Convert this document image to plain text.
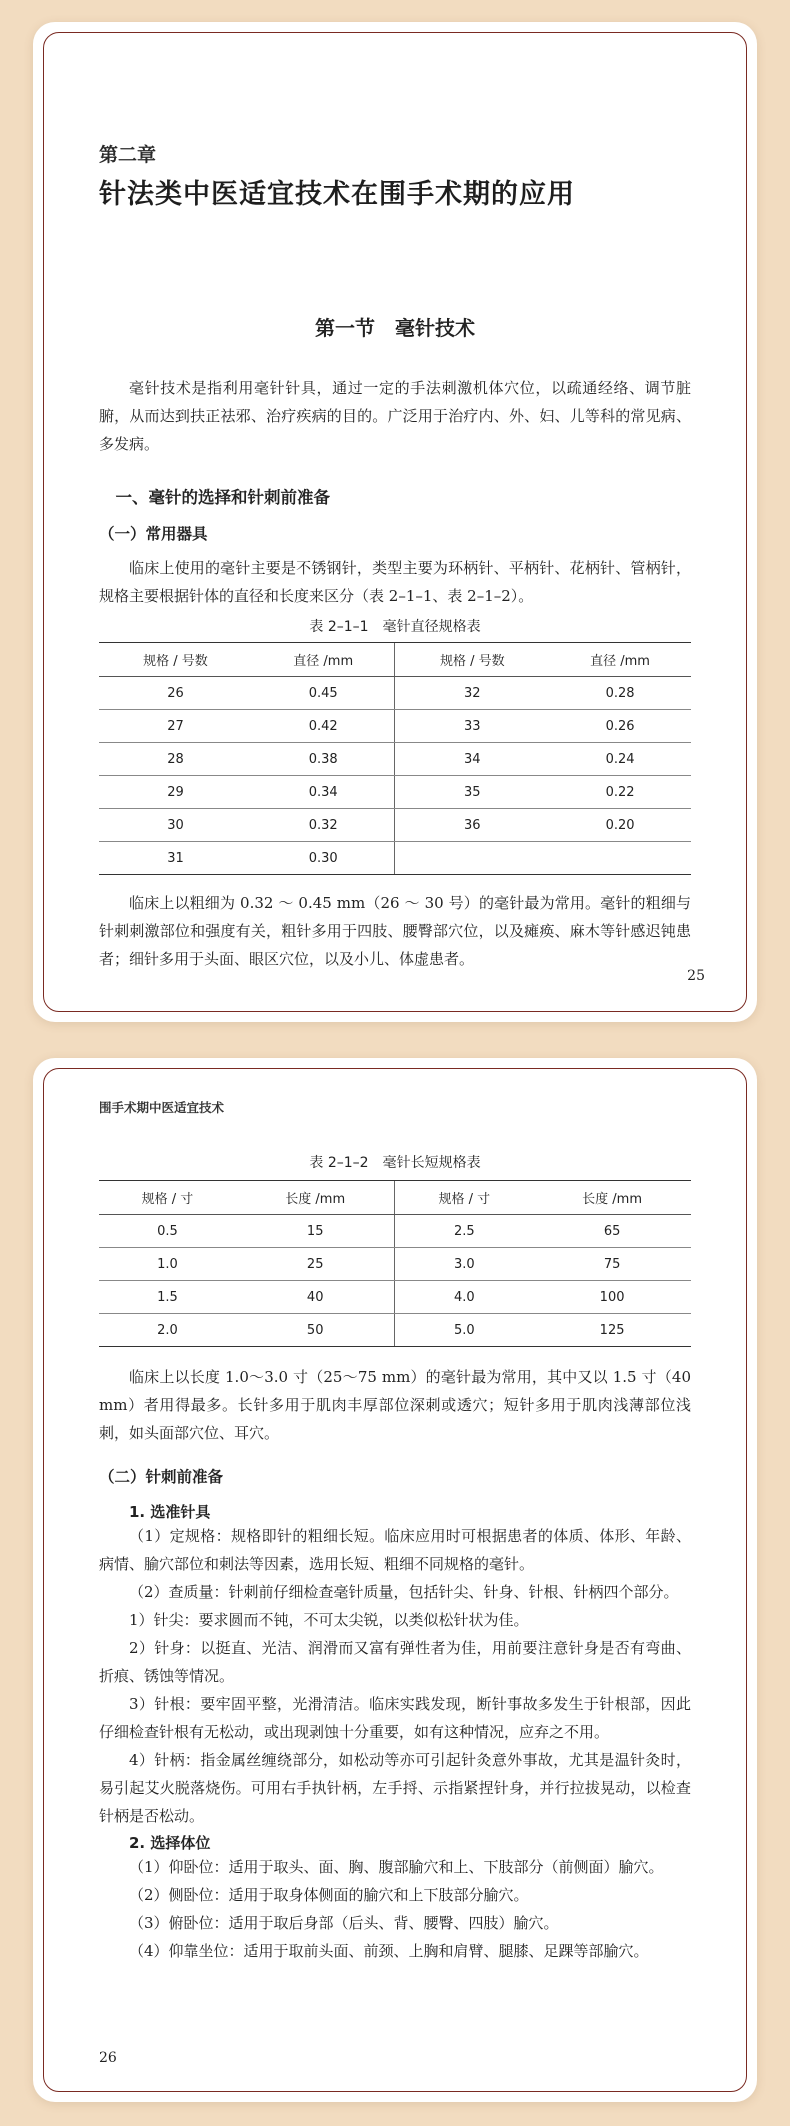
第二章
针法类中医适宜技术在围手术期的应用
第一节 毫针技术

毫针技术是指利用毫针针具，通过一定的手法刺激机体穴位，以疏通经络、调节脏腑，从而达到扶正祛邪、治疗疾病的目的。广泛用于治疗内、外、妇、儿等科的常见病、多发病。

一、毫针的选择和针刺前准备

（一）常用器具

临床上使用的毫针主要是不锈钢针，类型主要为环柄针、平柄针、花柄针、管柄针，规格主要根据针体的直径和长度来区分（表 2–1–1、表 2–1–2）。

表 2–1–1　毫针直径规格表

规格 / 号数	直径 /mm	规格 / 号数	直径 /mm
26	0.45	32	0.28
27	0.42	33	0.26
28	0.38	34	0.24
29	0.34	35	0.22
30	0.32	36	0.20
31	0.30		

临床上以粗细为 0.32 ～ 0.45 mm（26 ～ 30 号）的毫针最为常用。毫针的粗细与针刺刺激部位和强度有关，粗针多用于四肢、腰臀部穴位，以及瘫痪、麻木等针感迟钝患者；细针多用于头面、眼区穴位，以及小儿、体虚患者。

25
围手术期中医适宜技术

表 2–1–2　毫针长短规格表

规格 / 寸	长度 /mm	规格 / 寸	长度 /mm
0.5	15	2.5	65
1.0	25	3.0	75
1.5	40	4.0	100
2.0	50	5.0	125

临床上以长度 1.0～3.0 寸（25～75 mm）的毫针最为常用，其中又以 1.5 寸（40 mm）者用得最多。长针多用于肌肉丰厚部位深刺或透穴；短针多用于肌肉浅薄部位浅刺，如头面部穴位、耳穴。

（二）针刺前准备

1. 选准针具

（1）定规格：规格即针的粗细长短。临床应用时可根据患者的体质、体形、年龄、病情、腧穴部位和刺法等因素，选用长短、粗细不同规格的毫针。

（2）查质量：针刺前仔细检查毫针质量，包括针尖、针身、针根、针柄四个部分。

1）针尖：要求圆而不钝，不可太尖锐，以类似松针状为佳。

2）针身：以挺直、光洁、润滑而又富有弹性者为佳，用前要注意针身是否有弯曲、折痕、锈蚀等情况。

3）针根：要牢固平整，光滑清洁。临床实践发现，断针事故多发生于针根部，因此仔细检查针根有无松动，或出现剥蚀十分重要，如有这种情况，应弃之不用。

4）针柄：指金属丝缠绕部分，如松动等亦可引起针灸意外事故，尤其是温针灸时，易引起艾火脱落烧伤。可用右手执针柄，左手捋、示指紧捏针身，并行拉拔晃动，以检查针柄是否松动。

2. 选择体位

（1）仰卧位：适用于取头、面、胸、腹部腧穴和上、下肢部分（前侧面）腧穴。

（2）侧卧位：适用于取身体侧面的腧穴和上下肢部分腧穴。

（3）俯卧位：适用于取后身部（后头、背、腰臀、四肢）腧穴。

（4）仰靠坐位：适用于取前头面、前颈、上胸和肩臂、腿膝、足踝等部腧穴。

26
